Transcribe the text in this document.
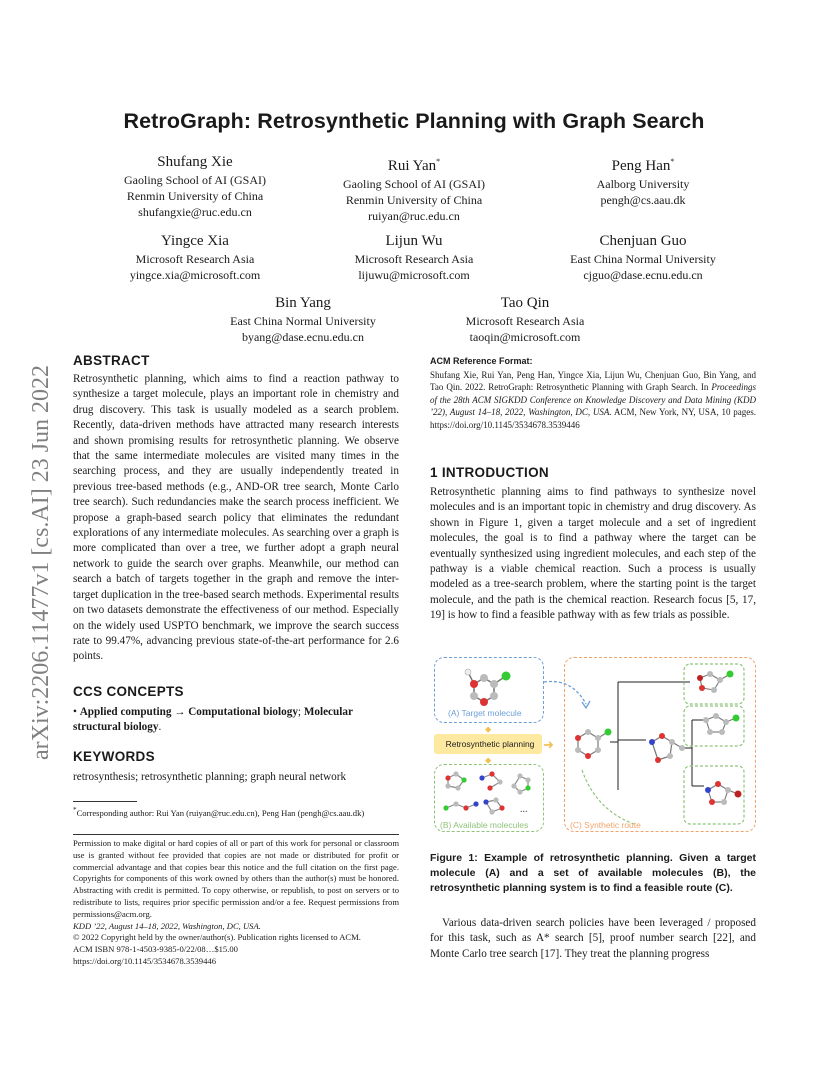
arXiv:2206.11477v1 [cs.AI] 23 Jun 2022
RetroGraph: Retrosynthetic Planning with Graph Search
Shufang Xie
Gaoling School of AI (GSAI)
Renmin University of China
shufangxie@ruc.edu.cn
Rui Yan*
Gaoling School of AI (GSAI)
Renmin University of China
ruiyan@ruc.edu.cn
Peng Han*
Aalborg University
pengh@cs.aau.dk
Yingce Xia
Microsoft Research Asia
yingce.xia@microsoft.com
Lijun Wu
Microsoft Research Asia
lijuwu@microsoft.com
Chenjuan Guo
East China Normal University
cjguo@dase.ecnu.edu.cn
Bin Yang
East China Normal University
byang@dase.ecnu.edu.cn
Tao Qin
Microsoft Research Asia
taoqin@microsoft.com
ABSTRACT
Retrosynthetic planning, which aims to find a reaction pathway to synthesize a target molecule, plays an important role in chemistry and drug discovery. This task is usually modeled as a search problem. Recently, data-driven methods have attracted many research interests and shown promising results for retrosynthetic planning. We observe that the same intermediate molecules are visited many times in the searching process, and they are usually independently treated in previous tree-based methods (e.g., AND-OR tree search, Monte Carlo tree search). Such redundancies make the search process inefficient. We propose a graph-based search policy that eliminates the redundant explorations of any intermediate molecules. As searching over a graph is more complicated than over a tree, we further adopt a graph neural network to guide the search over graphs. Meanwhile, our method can search a batch of targets together in the graph and remove the inter-target duplication in the tree-based search methods. Experimental results on two datasets demonstrate the effectiveness of our method. Especially on the widely used USPTO benchmark, we improve the search success rate to 99.47%, advancing previous state-of-the-art performance for 2.6 points.
CCS CONCEPTS
• Applied computing → Computational biology; Molecular structural biology.
KEYWORDS
retrosynthesis; retrosynthetic planning; graph neural network
*Corresponding author: Rui Yan (ruiyan@ruc.edu.cn), Peng Han (pengh@cs.aau.dk)
Permission to make digital or hard copies of all or part of this work for personal or classroom use is granted without fee provided that copies are not made or distributed for profit or commercial advantage and that copies bear this notice and the full citation on the first page. Copyrights for components of this work owned by others than the author(s) must be honored. Abstracting with credit is permitted. To copy otherwise, or republish, to post on servers or to redistribute to lists, requires prior specific permission and/or a fee. Request permissions from permissions@acm.org.
KDD ’22, August 14–18, 2022, Washington, DC, USA.
© 2022 Copyright held by the owner/author(s). Publication rights licensed to ACM.
ACM ISBN 978-1-4503-9385-0/22/08…$15.00
https://doi.org/10.1145/3534678.3539446
ACM Reference Format:
Shufang Xie, Rui Yan, Peng Han, Yingce Xia, Lijun Wu, Chenjuan Guo, Bin Yang, and Tao Qin. 2022. RetroGraph: Retrosynthetic Planning with Graph Search. In Proceedings of the 28th ACM SIGKDD Conference on Knowledge Discovery and Data Mining (KDD ’22), August 14–18, 2022, Washington, DC, USA. ACM, New York, NY, USA, 10 pages. https://doi.org/10.1145/3534678.3539446
1 INTRODUCTION
Retrosynthetic planning aims to find pathways to synthesize novel molecules and is an important topic in chemistry and drug discovery. As shown in Figure 1, given a target molecule and a set of ingredient molecules, the goal is to find a pathway where the target can be eventually synthesized using ingredient molecules, and each step of the pathway is a viable chemical reaction. Such a process is usually modeled as a tree-search problem, where the starting point is the target molecule, and the path is the chemical reaction. Research focus [5, 17, 19] is how to find a feasible pathway with as few trials as possible.
(A) Target molecule
⬥
Retrosynthetic planning ➜
⬥
...
(B) Available molecules	(C) Synthetic route
Figure 1: Example of retrosynthetic planning. Given a target molecule (A) and a set of available molecules (B), the retrosynthetic planning system is to find a feasible route (C).
Various data-driven search policies have been leveraged / proposed for this task, such as A* search [5], proof number search [22], and Monte Carlo tree search [17]. They treat the planning progress
